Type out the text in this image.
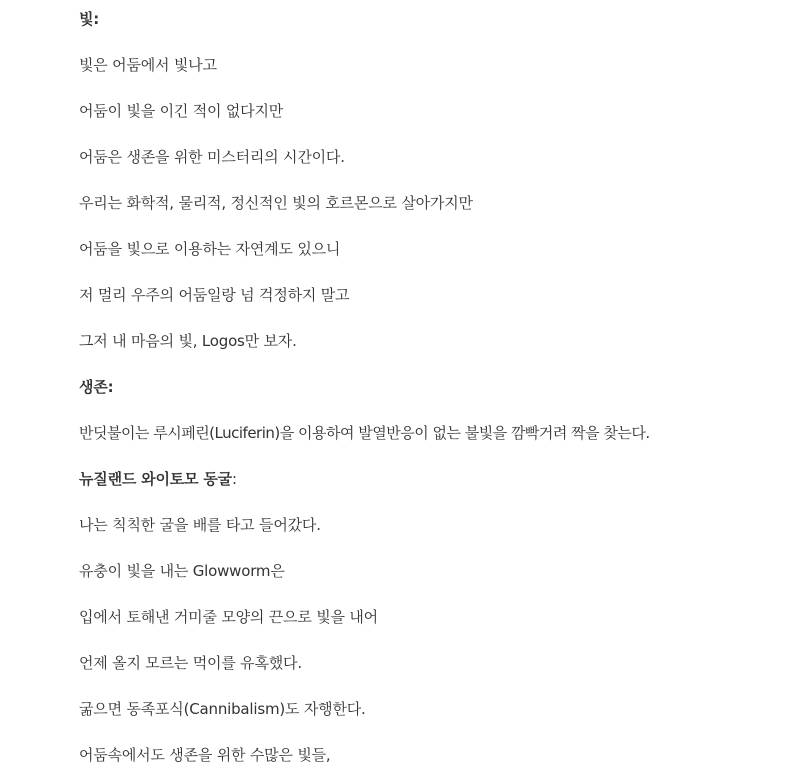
빛:
빛은 어둠에서 빛나고
어둠이 빛을 이긴 적이 없다지만
어둠은 생존을 위한 미스터리의 시간이다.
우리는 화학적, 물리적, 정신적인 빛의 호르몬으로 살아가지만
어둠을 빛으로 이용하는 자연계도 있으니
저 멀리 우주의 어둠일랑 넘 걱정하지 말고
그저 내 마음의 빛, Logos만 보자.
생존:
반딧불이는 루시페린(Luciferin)을 이용하여 발열반응이 없는 불빛을 깜빡거려 짝을 찾는다.
뉴질랜드 와이토모 동굴:
나는 칙칙한 굴을 배를 타고 들어갔다.
유충이 빛을 내는 Glowworm은
입에서 토해낸 거미줄 모양의 끈으로 빛을 내어
언제 올지 모르는 먹이를 유혹했다.
굶으면 동족포식(Cannibalism)도 자행한다.
어둠속에서도 생존을 위한 수많은 빛들,
